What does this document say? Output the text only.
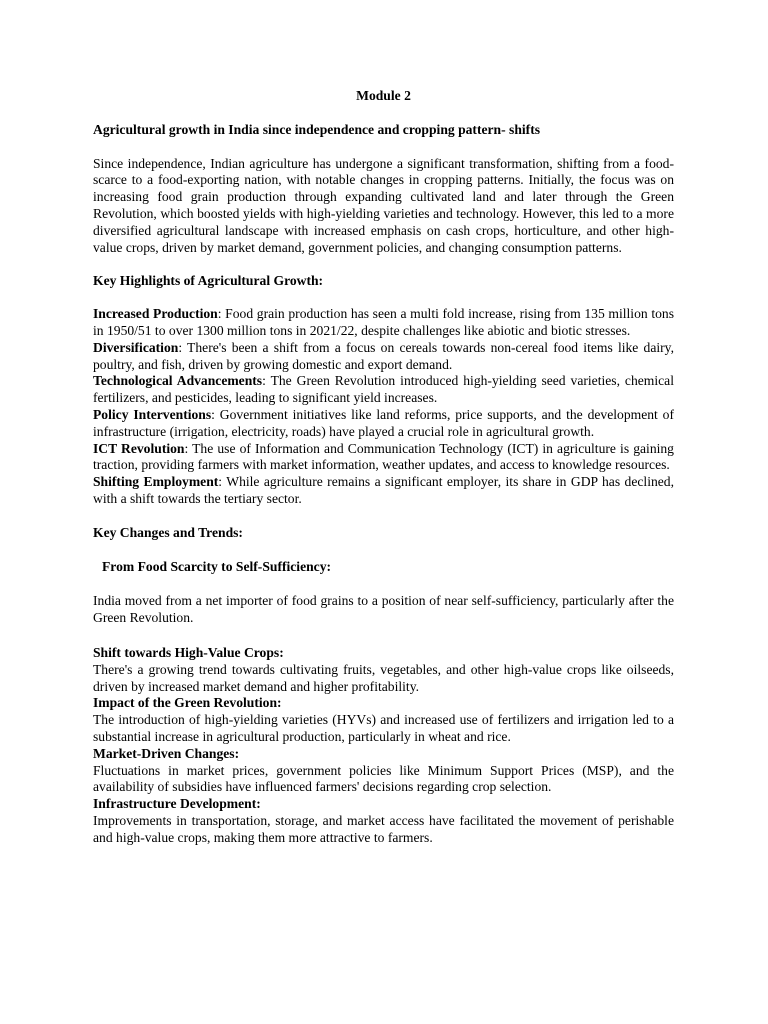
Module 2

Agricultural growth in India since independence and cropping pattern- shifts

Since independence, Indian agriculture has undergone a significant transformation, shifting from a food-scarce to a food-exporting nation, with notable changes in cropping patterns. Initially, the focus was on increasing food grain production through expanding cultivated land and later through the Green Revolution, which boosted yields with high-yielding varieties and technology. However, this led to a more diversified agricultural landscape with increased emphasis on cash crops, horticulture, and other high-value crops, driven by market demand, government policies, and changing consumption patterns.

Key Highlights of Agricultural Growth:

Increased Production: Food grain production has seen a multi fold increase, rising from 135 million tons in 1950/51 to over 1300 million tons in 2021/22, despite challenges like abiotic and biotic stresses.

Diversification: There's been a shift from a focus on cereals towards non-cereal food items like dairy, poultry, and fish, driven by growing domestic and export demand.

Technological Advancements: The Green Revolution introduced high-yielding seed varieties, chemical fertilizers, and pesticides, leading to significant yield increases.

Policy Interventions: Government initiatives like land reforms, price supports, and the development of infrastructure (irrigation, electricity, roads) have played a crucial role in agricultural growth.

ICT Revolution: The use of Information and Communication Technology (ICT) in agriculture is gaining traction, providing farmers with market information, weather updates, and access to knowledge resources.

Shifting Employment: While agriculture remains a significant employer, its share in GDP has declined, with a shift towards the tertiary sector.

Key Changes and Trends:

From Food Scarcity to Self-Sufficiency:

India moved from a net importer of food grains to a position of near self-sufficiency, particularly after the Green Revolution.

Shift towards High-Value Crops:

There's a growing trend towards cultivating fruits, vegetables, and other high-value crops like oilseeds, driven by increased market demand and higher profitability.

Impact of the Green Revolution:

The introduction of high-yielding varieties (HYVs) and increased use of fertilizers and irrigation led to a substantial increase in agricultural production, particularly in wheat and rice.

Market-Driven Changes:

Fluctuations in market prices, government policies like Minimum Support Prices (MSP), and the availability of subsidies have influenced farmers' decisions regarding crop selection.

Infrastructure Development:

Improvements in transportation, storage, and market access have facilitated the movement of perishable and high-value crops, making them more attractive to farmers.
